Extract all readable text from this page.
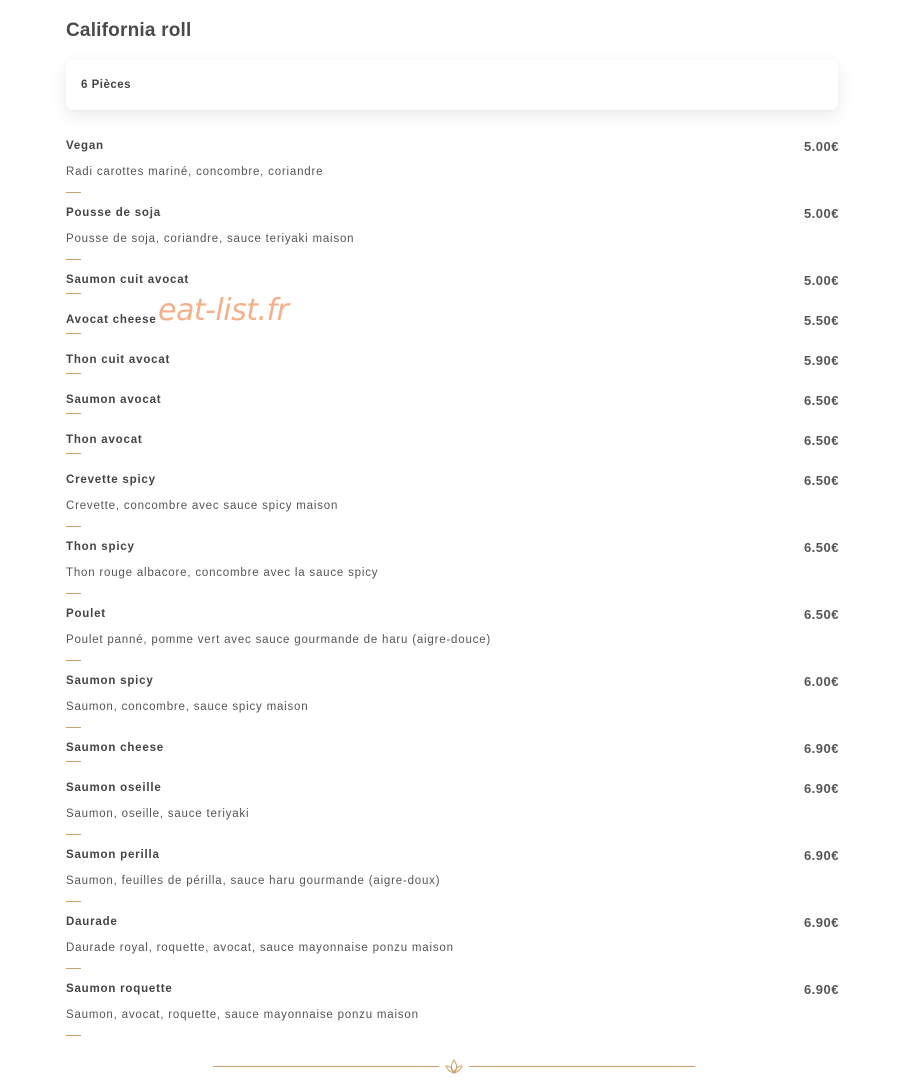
California roll
6 Pièces
Vegan	5.00€
Radi carottes mariné, concombre, coriandre
Pousse de soja	5.00€
Pousse de soja, coriandre, sauce teriyaki maison
Saumon cuit avocat	5.00€
Avocat cheese	5.50€
Thon cuit avocat	5.90€
Saumon avocat	6.50€
Thon avocat	6.50€
Crevette spicy	6.50€
Crevette, concombre avec sauce spicy maison
Thon spicy	6.50€
Thon rouge albacore, concombre avec la sauce spicy
Poulet	6.50€
Poulet panné, pomme vert avec sauce gourmande de haru (aigre-douce)
Saumon spicy	6.00€
Saumon, concombre, sauce spicy maison
Saumon cheese	6.90€
Saumon oseille	6.90€
Saumon, oseille, sauce teriyaki
Saumon perilla	6.90€
Saumon, feuilles de périlla, sauce haru gourmande (aigre-doux)
Daurade	6.90€
Daurade royal, roquette, avocat, sauce mayonnaise ponzu maison
Saumon roquette	6.90€
Saumon, avocat, roquette, sauce mayonnaise ponzu maison
eat-list.fr
